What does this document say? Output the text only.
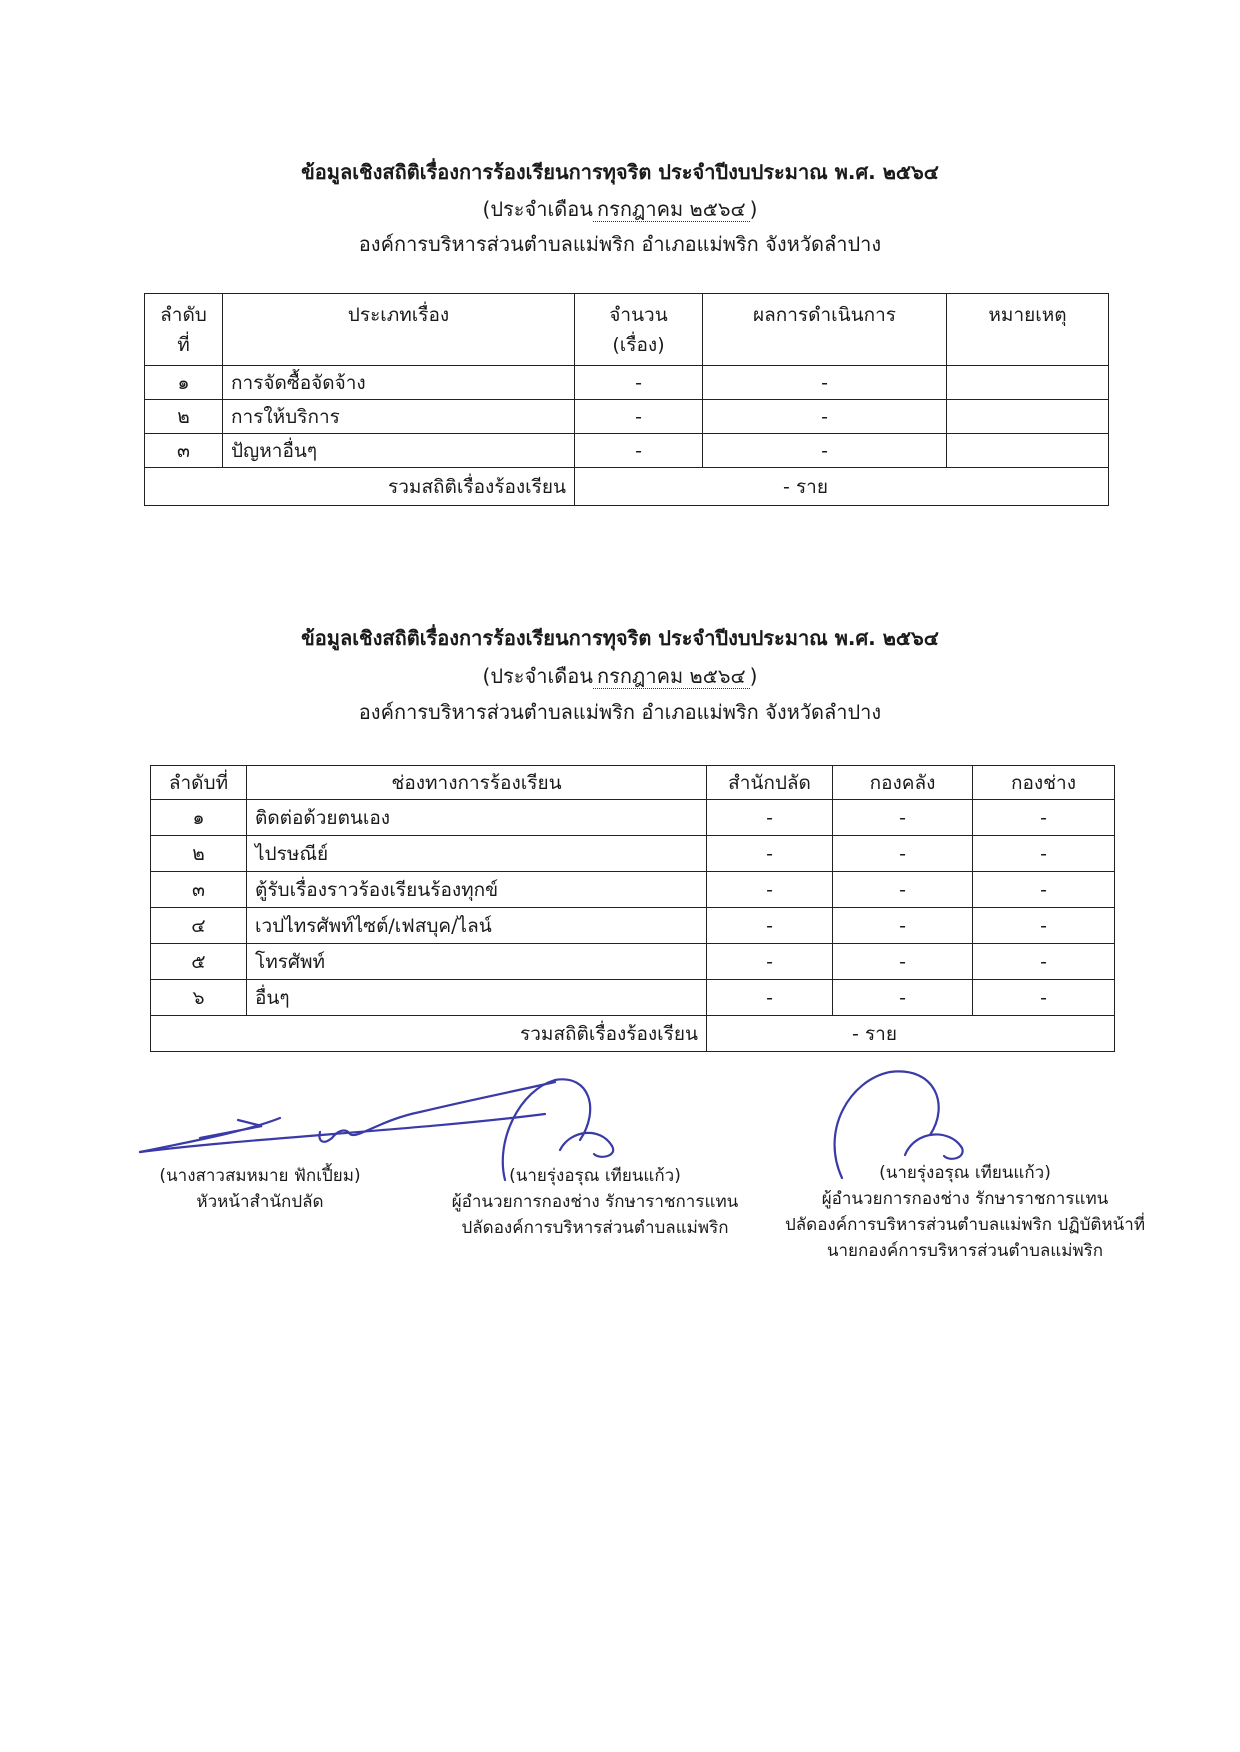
ข้อมูลเชิงสถิติเรื่องการร้องเรียนการทุจริต ประจำปีงบประมาณ พ.ศ. ๒๕๖๔
(ประจำเดือน กรกฎาคม ๒๕๖๔ )
องค์การบริหารส่วนตำบลแม่พริก อำเภอแม่พริก จังหวัดลำปาง
ลำดับ ที่	ประเภทเรื่อง	จำนวน (เรื่อง)	ผลการดำเนินการ	หมายเหตุ
๑	การจัดซื้อจัดจ้าง	-	-	
๒	การให้บริการ	-	-	
๓	ปัญหาอื่นๆ	-	-	
รวมสถิติเรื่องร้องเรียน		- ราย		
ข้อมูลเชิงสถิติเรื่องการร้องเรียนการทุจริต ประจำปีงบประมาณ พ.ศ. ๒๕๖๔
(ประจำเดือน กรกฎาคม ๒๕๖๔ )
องค์การบริหารส่วนตำบลแม่พริก อำเภอแม่พริก จังหวัดลำปาง
ลำดับที่	ช่องทางการร้องเรียน	สำนักปลัด	กองคลัง	กองช่าง
๑	ติดต่อด้วยตนเอง	-	-	-
๒	ไปรษณีย์	-	-	-
๓	ตู้รับเรื่องราวร้องเรียนร้องทุกข์	-	-	-
๔	เวปไทรศัพท์ไซต์/เฟสบุค/ไลน์	-	-	-
๕	โทรศัพท์	-	-	-
๖	อื่นๆ	-	-	-
รวมสถิติเรื่องร้องเรียน		- ราย		
(นางสาวสมหมาย ฟักเปี้ยม)
หัวหน้าสำนักปลัด
(นายรุ่งอรุณ เทียนแก้ว)
ผู้อำนวยการกองช่าง รักษาราชการแทน
ปลัดองค์การบริหารส่วนตำบลแม่พริก
(นายรุ่งอรุณ เทียนแก้ว)
ผู้อำนวยการกองช่าง รักษาราชการแทน
ปลัดองค์การบริหารส่วนตำบลแม่พริก ปฏิบัติหน้าที่
นายกองค์การบริหารส่วนตำบลแม่พริก
